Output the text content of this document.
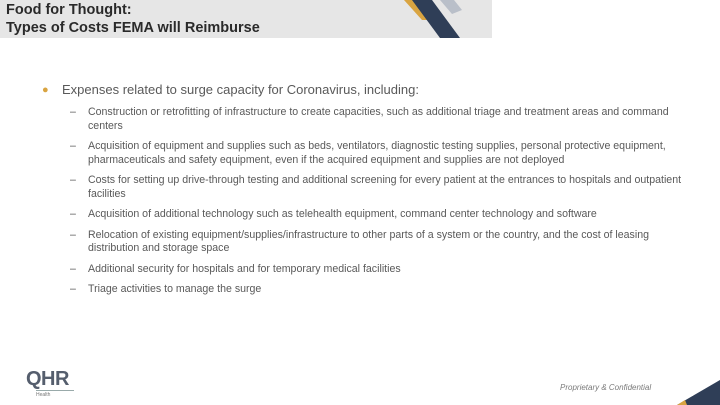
Food for Thought:
Types of Costs FEMA will Reimburse
● Expenses related to surge capacity for Coronavirus, including:
– Construction or retrofitting of infrastructure to create capacities, such as additional triage and treatment areas and command centers
– Acquisition of equipment and supplies such as beds, ventilators, diagnostic testing supplies, personal protective equipment, pharmaceuticals and safety equipment, even if the acquired equipment and supplies are not deployed
– Costs for setting up drive-through testing and additional screening for every patient at the entrances to hospitals and outpatient facilities
– Acquisition of additional technology such as telehealth equipment, command center technology and software
– Relocation of existing equipment/supplies/infrastructure to other parts of a system or the country, and the cost of leasing distribution and storage space
– Additional security for hospitals and for temporary medical facilities
– Triage activities to manage the surge
QHR
Health
Proprietary & Confidential
43
